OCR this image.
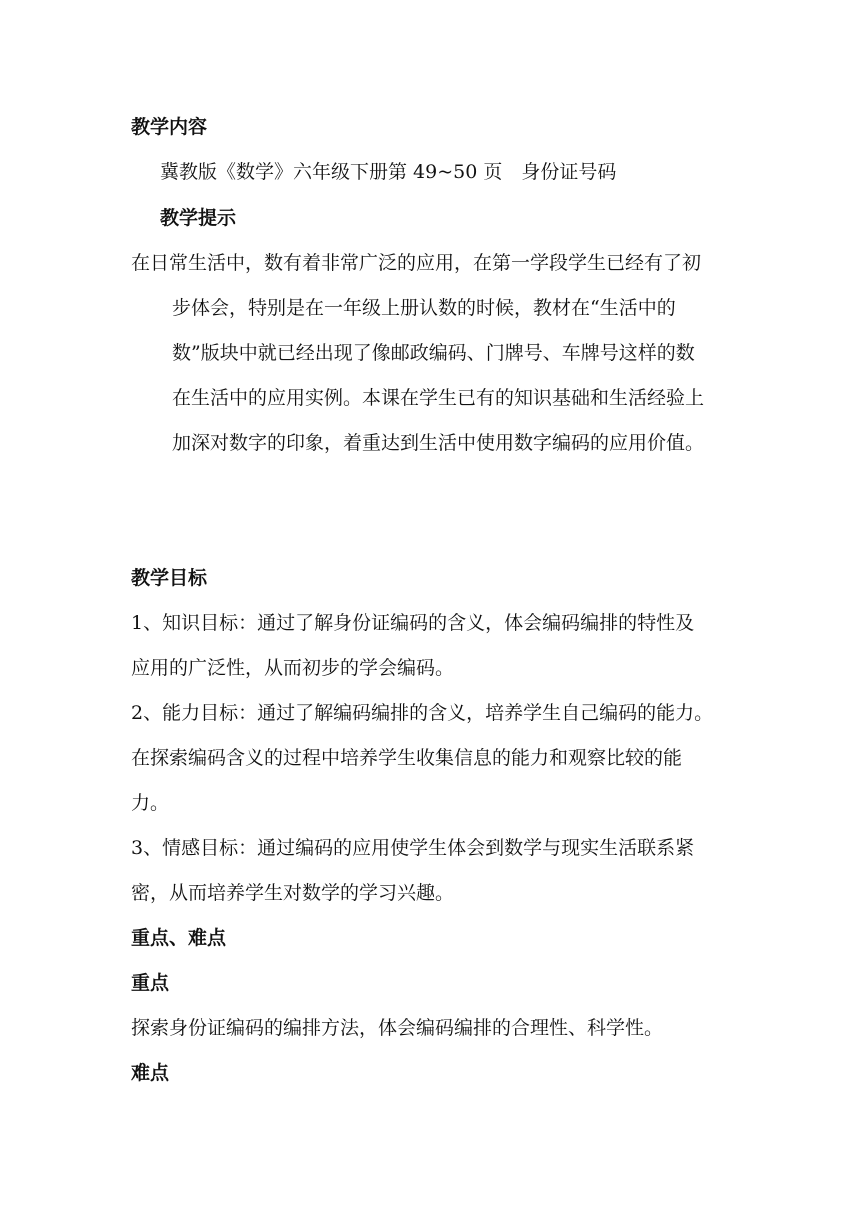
教学内容
冀教版《数学》六年级下册第 49~50 页　身份证号码
教学提示
在日常生活中，数有着非常广泛的应用，在第一学段学生已经有了初
步体会，特别是在一年级上册认数的时候，教材在“生活中的
数”版块中就已经出现了像邮政编码、门牌号、车牌号这样的数
在生活中的应用实例。本课在学生已有的知识基础和生活经验上
加深对数字的印象，着重达到生活中使用数字编码的应用价值。
教学目标
1、知识目标：通过了解身份证编码的含义，体会编码编排的特性及
应用的广泛性，从而初步的学会编码。
2、能力目标：通过了解编码编排的含义，培养学生自己编码的能力。
在探索编码含义的过程中培养学生收集信息的能力和观察比较的能
力。
3、情感目标：通过编码的应用使学生体会到数学与现实生活联系紧
密，从而培养学生对数学的学习兴趣。
重点、难点
重点
探索身份证编码的编排方法，体会编码编排的合理性、科学性。
难点
